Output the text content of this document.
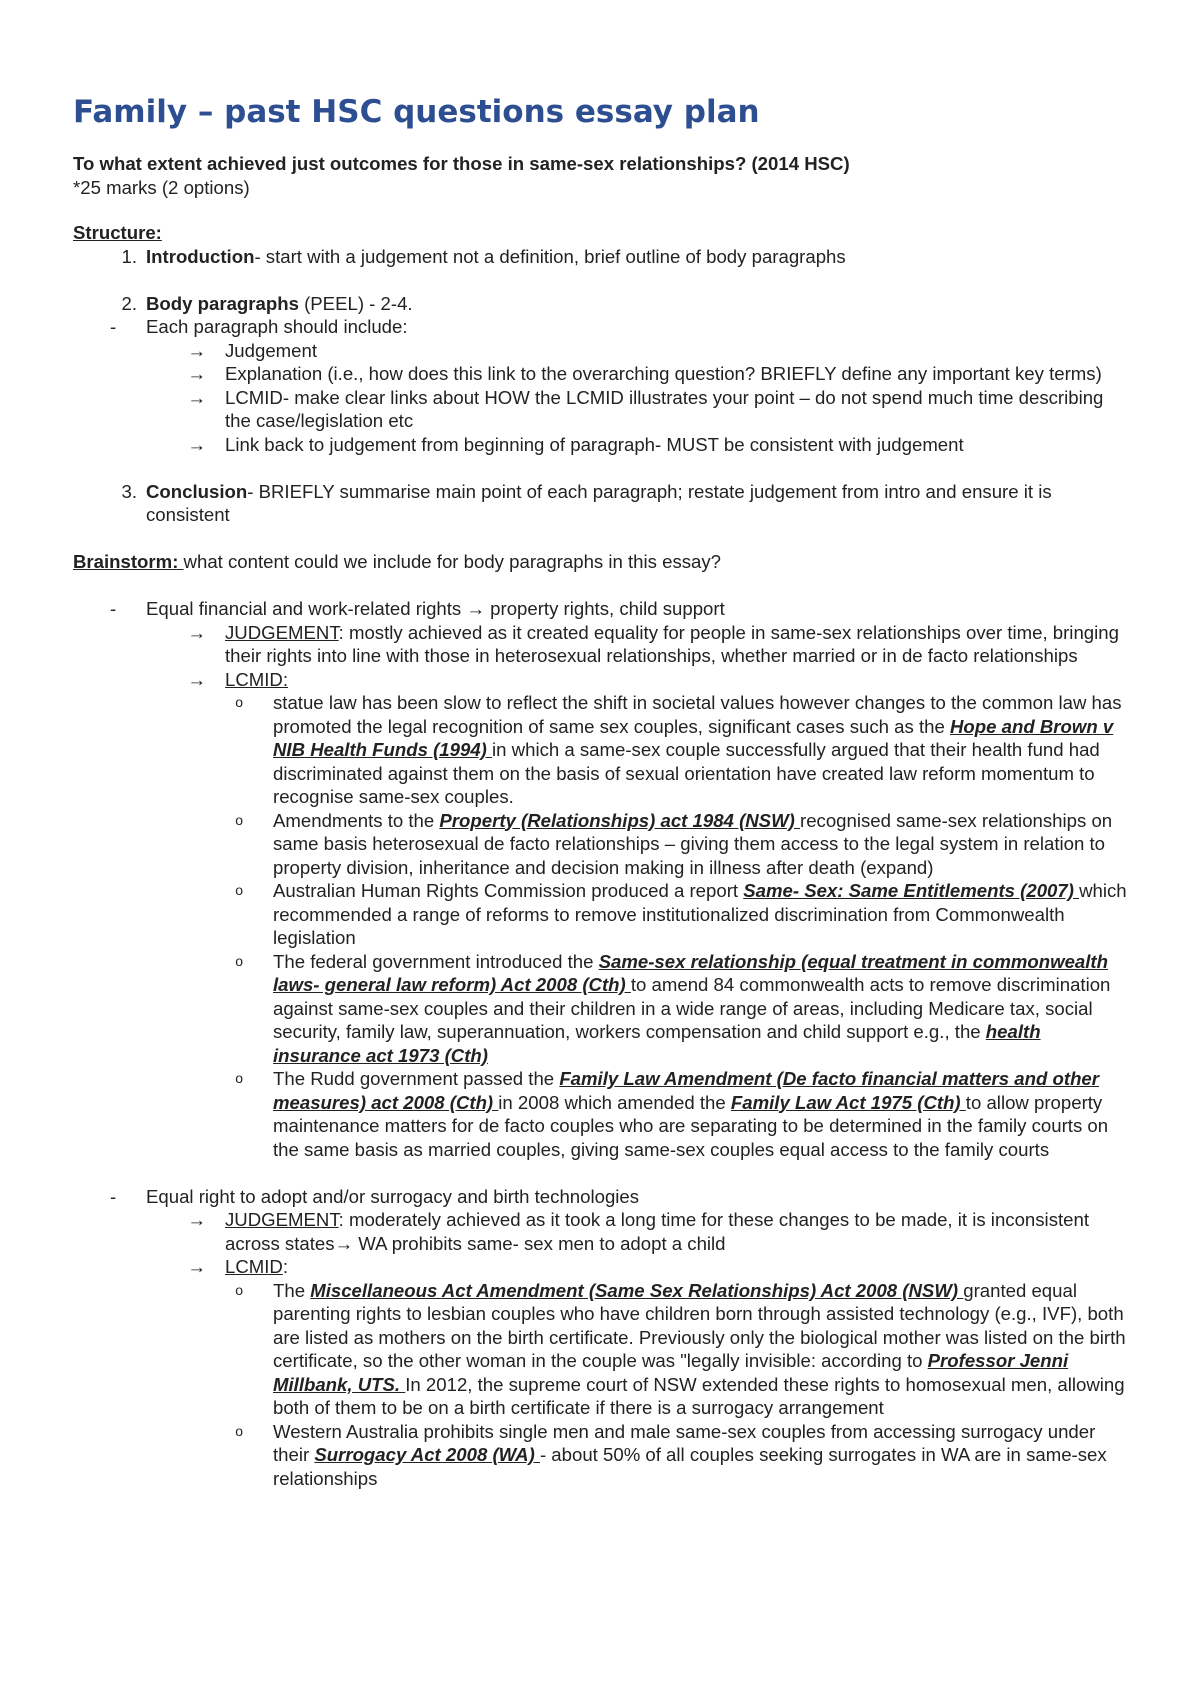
Family – past HSC questions essay plan

To what extent achieved just outcomes for those in same-sex relationships? (2014 HSC)

*25 marks (2 options)

Structure:

1. Introduction- start with a judgement not a definition, brief outline of body paragraphs
2. Body paragraphs (PEEL) - 2-4.
-	Each paragraph should include:
→	Judgement
→	Explanation (i.e., how does this link to the overarching question? BRIEFLY define any important key terms)
→	LCMID- make clear links about HOW the LCMID illustrates your point – do not spend much time describing the case/legislation etc
→	Link back to judgement from beginning of paragraph- MUST be consistent with judgement
3. Conclusion- BRIEFLY summarise main point of each paragraph; restate judgement from intro and ensure it is consistent

Brainstorm: what content could we include for body paragraphs in this essay?

-	Equal financial and work-related rights → property rights, child support
→	JUDGEMENT: mostly achieved as it created equality for people in same-sex relationships over time, bringing their rights into line with those in heterosexual relationships, whether married or in de facto relationships
→	LCMID:
o	statue law has been slow to reflect the shift in societal values however changes to the common law has promoted the legal recognition of same sex couples, significant cases such as the Hope and Brown v NIB Health Funds (1994) in which a same-sex couple successfully argued that their health fund had discriminated against them on the basis of sexual orientation have created law reform momentum to recognise same-sex couples.
o	Amendments to the Property (Relationships) act 1984 (NSW) recognised same-sex relationships on same basis heterosexual de facto relationships – giving them access to the legal system in relation to property division, inheritance and decision making in illness after death (expand)
o	Australian Human Rights Commission produced a report Same- Sex: Same Entitlements (2007) which recommended a range of reforms to remove institutionalized discrimination from Commonwealth legislation
o	The federal government introduced the Same-sex relationship (equal treatment in commonwealth laws- general law reform) Act 2008 (Cth) to amend 84 commonwealth acts to remove discrimination against same-sex couples and their children in a wide range of areas, including Medicare tax, social security, family law, superannuation, workers compensation and child support e.g., the health insurance act 1973 (Cth)
o	The Rudd government passed the Family Law Amendment (De facto financial matters and other measures) act 2008 (Cth) in 2008 which amended the Family Law Act 1975 (Cth) to allow property maintenance matters for de facto couples who are separating to be determined in the family courts on the same basis as married couples, giving same-sex couples equal access to the family courts
-	Equal right to adopt and/or surrogacy and birth technologies
→	JUDGEMENT: moderately achieved as it took a long time for these changes to be made, it is inconsistent across states→ WA prohibits same- sex men to adopt a child
→	LCMID:
o	The Miscellaneous Act Amendment (Same Sex Relationships) Act 2008 (NSW) granted equal parenting rights to lesbian couples who have children born through assisted technology (e.g., IVF), both are listed as mothers on the birth certificate. Previously only the biological mother was listed on the birth certificate, so the other woman in the couple was "legally invisible: according to Professor Jenni Millbank, UTS. In 2012, the supreme court of NSW extended these rights to homosexual men, allowing both of them to be on a birth certificate if there is a surrogacy arrangement
o	Western Australia prohibits single men and male same-sex couples from accessing surrogacy under their Surrogacy Act 2008 (WA) - about 50% of all couples seeking surrogates in WA are in same-sex relationships
